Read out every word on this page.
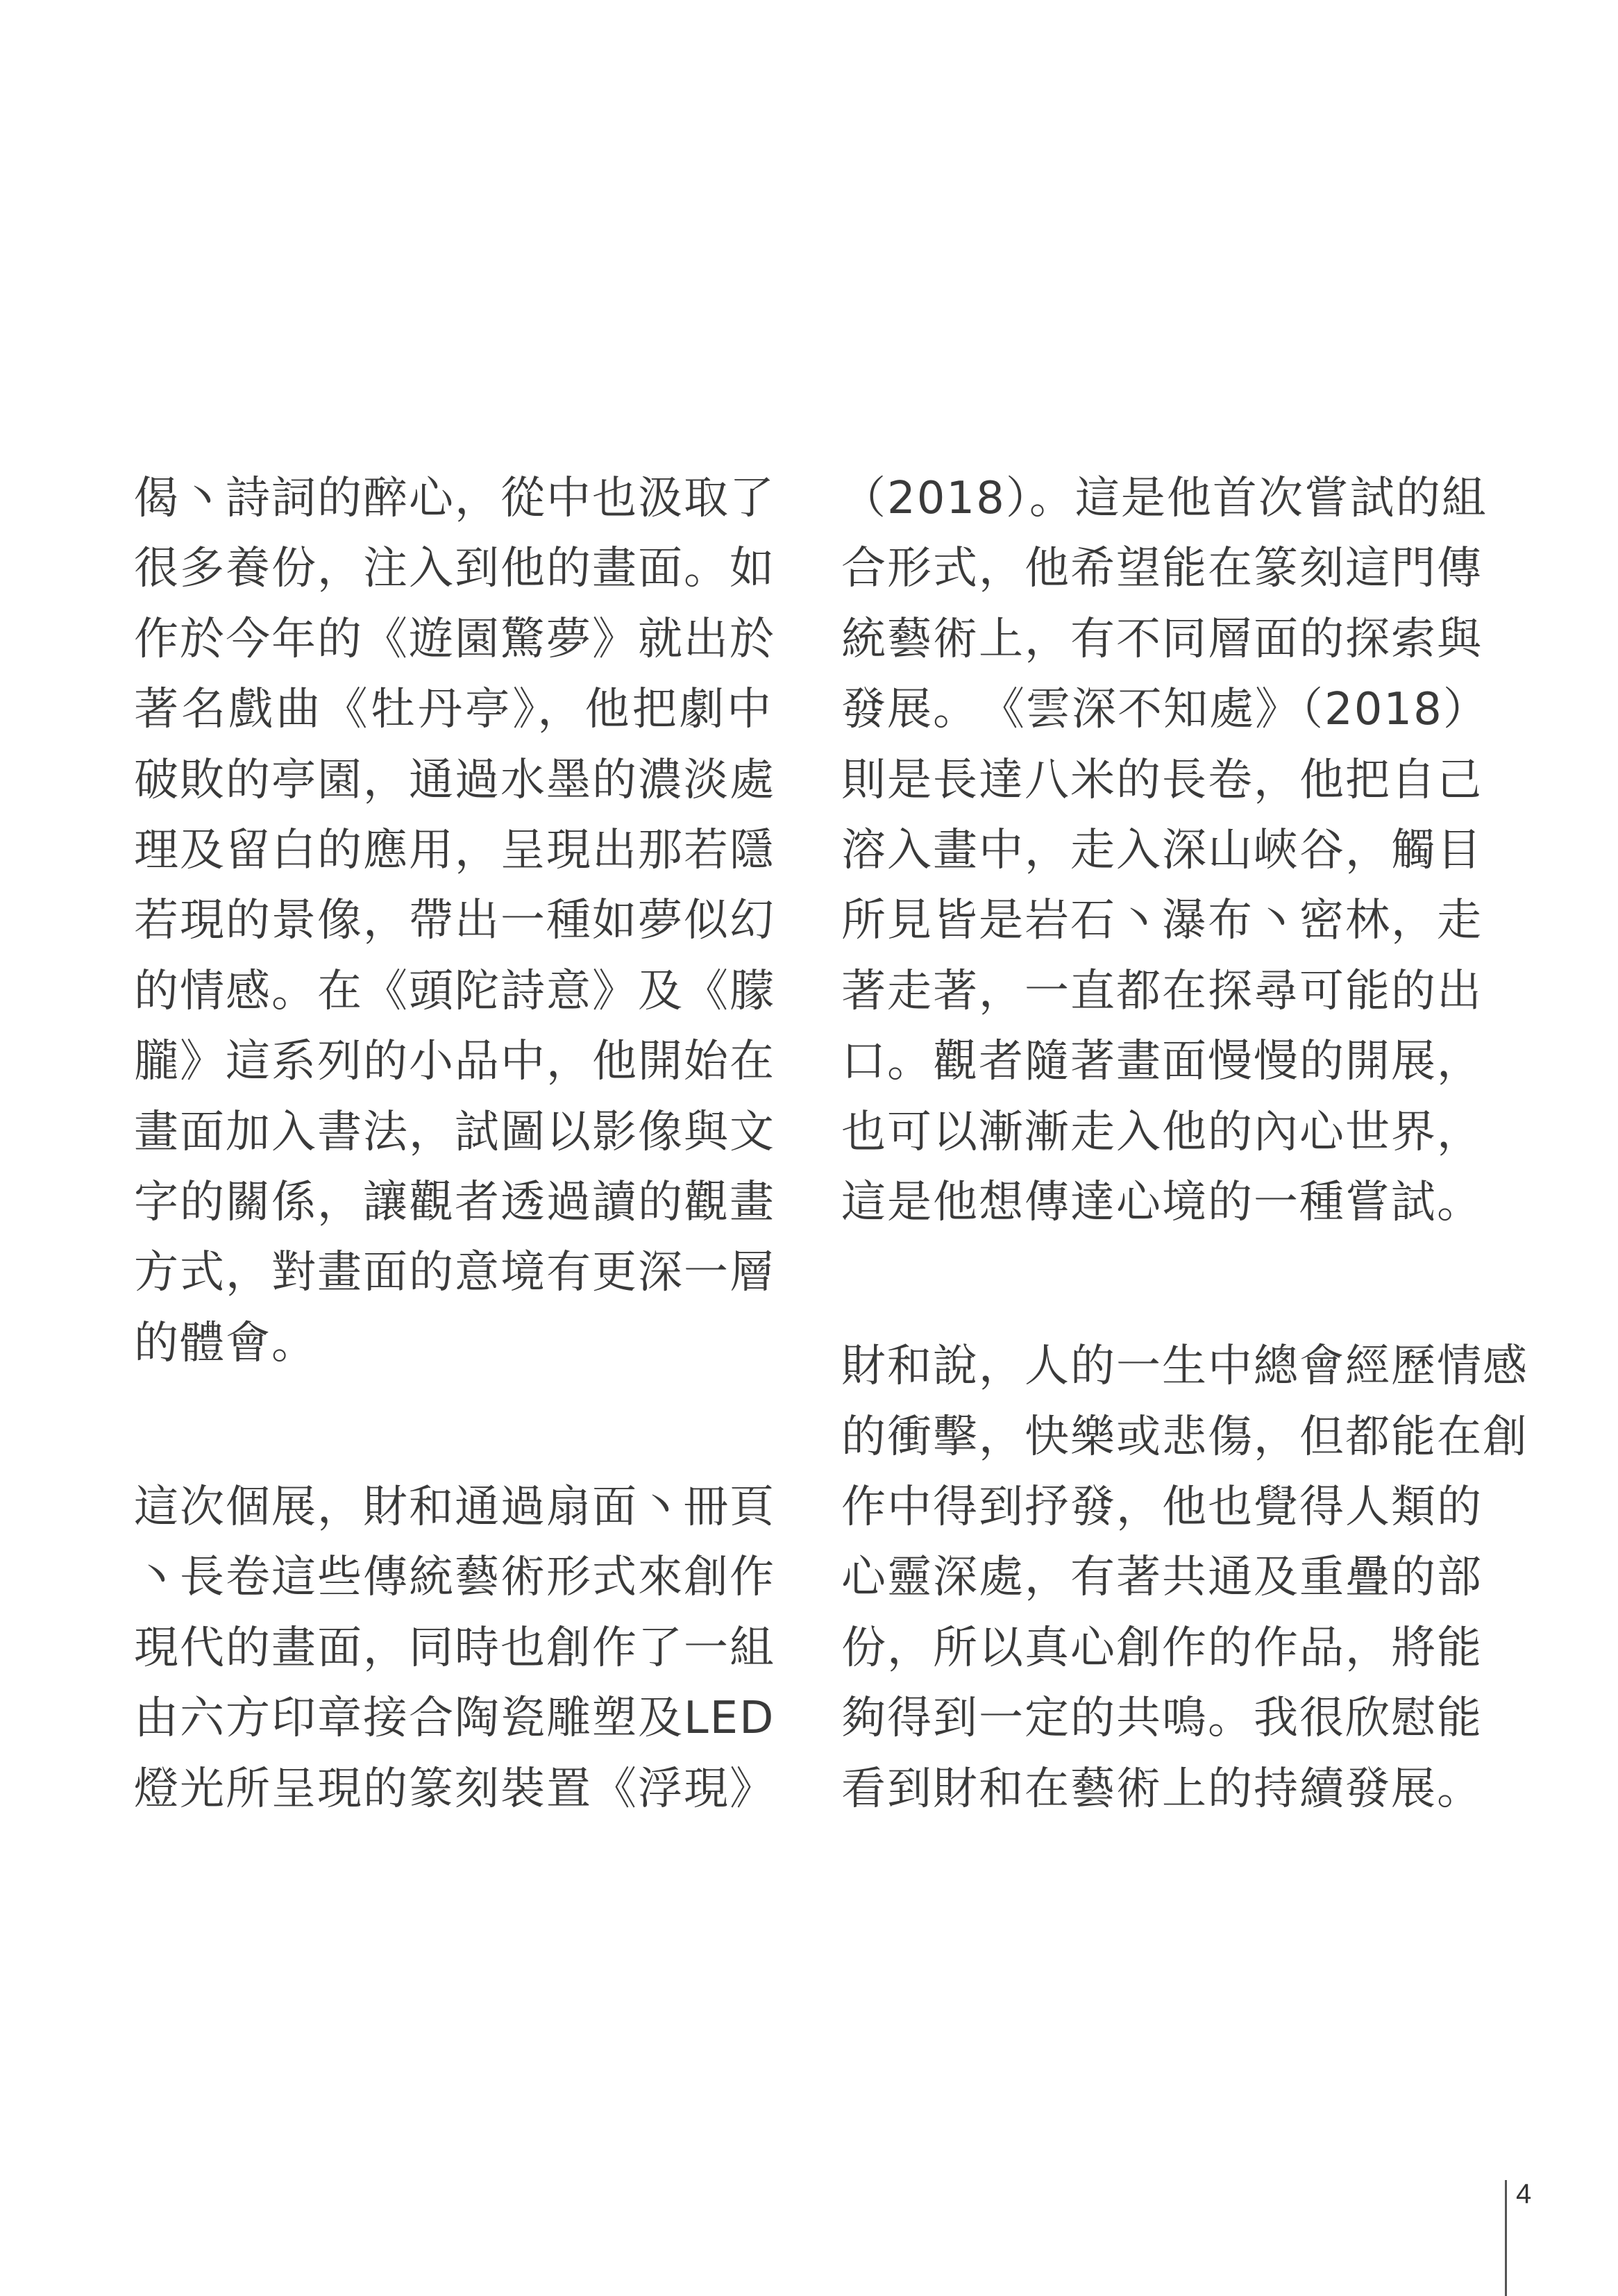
偈丶詩詞的醉心，從中也汲取了
很多養份，注入到他的畫面。如
作於今年的《遊園驚夢》就出於
著名戲曲《牡丹亭》，他把劇中
破敗的亭園，通過水墨的濃淡處
理及留白的應用，呈現出那若隱
若現的景像，帶出一種如夢似幻
的情感。在《頭陀詩意》及《朦
朧》這系列的小品中，他開始在
畫面加入書法，試圖以影像與文
字的關係，讓觀者透過讀的觀畫
方式，對畫面的意境有更深一層
的體會。
這次個展，財和通過扇面丶冊頁
丶長卷這些傳統藝術形式來創作
現代的畫面，同時也創作了一組
由六方印章接合陶瓷雕塑及LED
燈光所呈現的篆刻裝置《浮現》
（2018）。這是他首次嘗試的組
合形式，他希望能在篆刻這門傳
統藝術上，有不同層面的探索與
發展。　《雲深不知處》（2018）
則是長達八米的長卷，他把自己
溶入畫中，走入深山峽谷，觸目
所見皆是岩石丶瀑布丶密林，走
著走著，一直都在探尋可能的出
口。觀者隨著畫面慢慢的開展，
也可以漸漸走入他的內心世界，
這是他想傳達心境的一種嘗試。
財和說，人的一生中總會經歷情感
的衝擊，快樂或悲傷，但都能在創
作中得到抒發，他也覺得人類的
心靈深處，有著共通及重疊的部
份，所以真心創作的作品，將能
夠得到一定的共鳴。我很欣慰能
看到財和在藝術上的持續發展。
4
